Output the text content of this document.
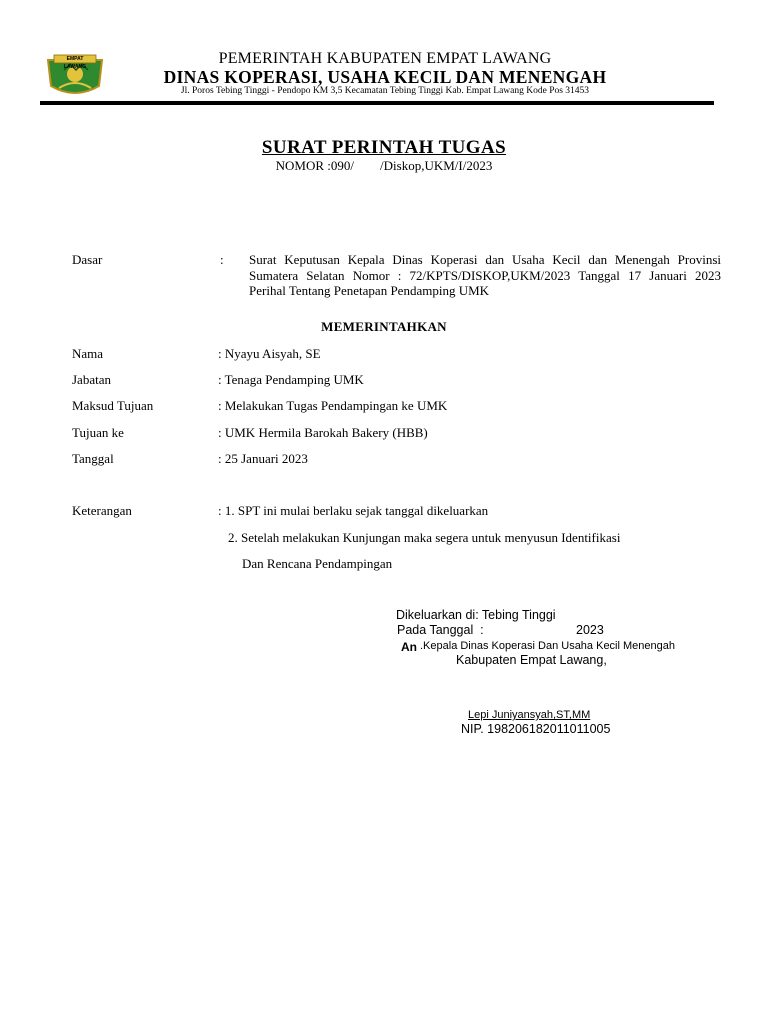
EMPAT LAWANG	PEMERINTAH KABUPATEN EMPAT LAWANG
DINAS KOPERASI, USAHA KECIL DAN MENENGAH
Jl. Poros Tebing Tinggi - Pendopo KM 3,5 Kecamatan Tebing Tinggi Kab. Empat Lawang Kode Pos 31453
SURAT PERINTAH TUGAS
NOMOR :090/        /Diskop,UKM/I/2023
Dasar	: Surat Keputusan Kepala Dinas Koperasi dan Usaha Kecil dan Menengah Provinsi Sumatera Selatan Nomor : 72/KPTS/DISKOP,UKM/2023 Tanggal 17 Januari 2023 Perihal Tentang Penetapan Pendamping UMK
MEMERINTAHKAN
Nama	: Nyayu Aisyah, SE
Jabatan	: Tenaga Pendamping UMK
Maksud Tujuan	: Melakukan Tugas Pendampingan ke UMK
Tujuan ke	: UMK Hermila Barokah Bakery (HBB)
Tanggal	: 25 Januari 2023
Keterangan	: 1. SPT ini mulai berlaku sejak tanggal dikeluarkan
2. Setelah melakukan Kunjungan maka segera untuk menyusun Identifikasi
Dan Rencana Pendampingan
Dikeluarkan di: Tebing Tinggi
Pada Tanggal  :	2023
An .Kepala Dinas Koperasi Dan Usaha Kecil Menengah
Kabupaten Empat Lawang,
Lepi Juniyansyah,ST,MM
NIP. 198206182011011005
